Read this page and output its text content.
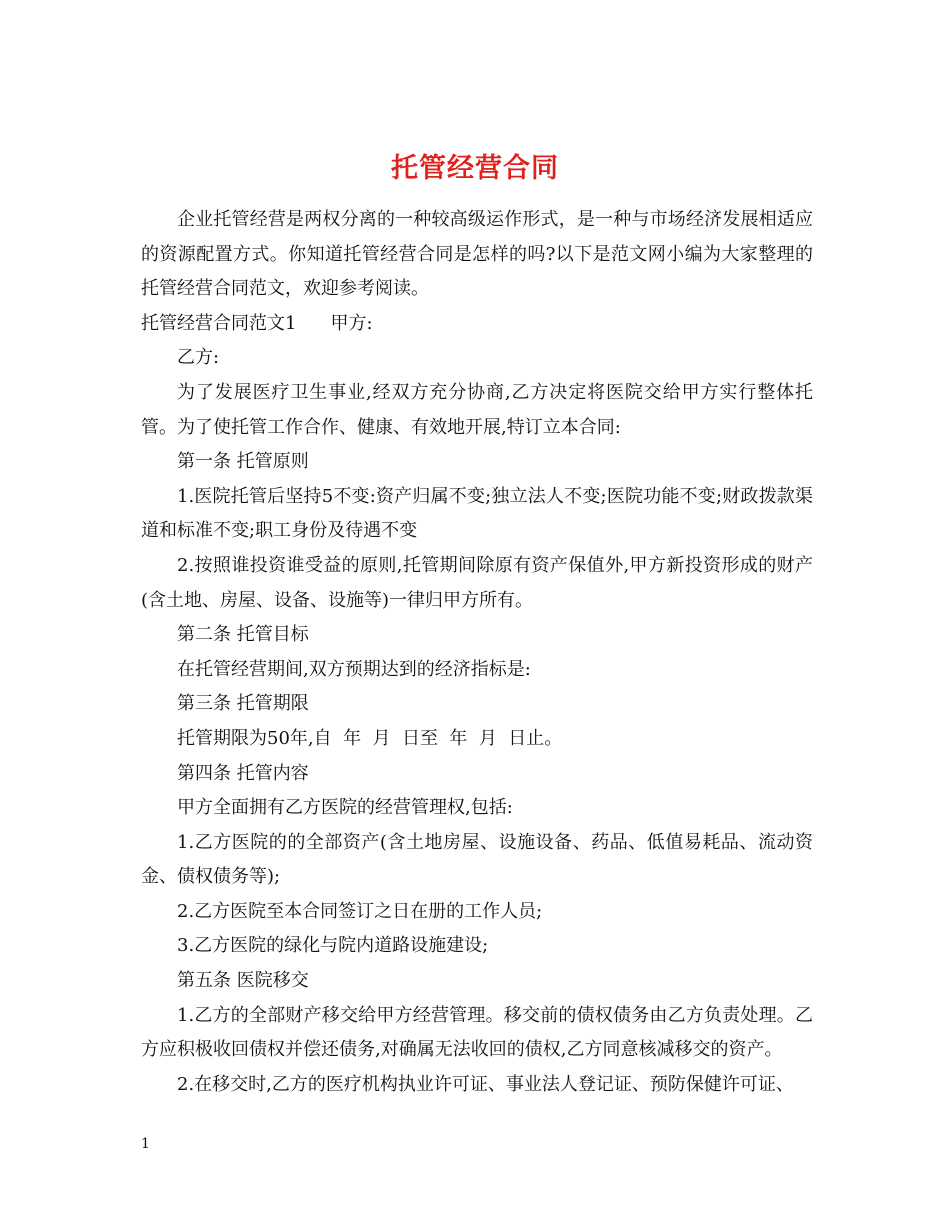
托管经营合同

企业托管经营是两权分离的一种较高级运作形式，是一种与市场经济发展相适应的资源配置方式。你知道托管经营合同是怎样的吗?以下是范文网小编为大家整理的托管经营合同范文，欢迎参考阅读。

托管经营合同范文1 甲方:

乙方:

为了发展医疗卫生事业,经双方充分协商,乙方决定将医院交给甲方实行整体托管。为了使托管工作合作、健康、有效地开展,特订立本合同:

第一条 托管原则

1.医院托管后坚持5不变:资产归属不变;独立法人不变;医院功能不变;财政拨款渠道和标准不变;职工身份及待遇不变

2.按照谁投资谁受益的原则,托管期间除原有资产保值外,甲方新投资形成的财产(含土地、房屋、设备、设施等)一律归甲方所有。

第二条 托管目标

在托管经营期间,双方预期达到的经济指标是:

第三条 托管期限

托管期限为50年,自  年  月  日至  年  月  日止。

第四条 托管内容

甲方全面拥有乙方医院的经营管理权,包括:

1.乙方医院的的全部资产(含土地房屋、设施设备、药品、低值易耗品、流动资金、债权债务等);

2.乙方医院至本合同签订之日在册的工作人员;

3.乙方医院的绿化与院内道路设施建设;

第五条 医院移交

1.乙方的全部财产移交给甲方经营管理。移交前的债权债务由乙方负责处理。乙方应积极收回债权并偿还债务,对确属无法收回的债权,乙方同意核减移交的资产。

2.在移交时,乙方的医疗机构执业许可证、事业法人登记证、预防保健许可证、

1
